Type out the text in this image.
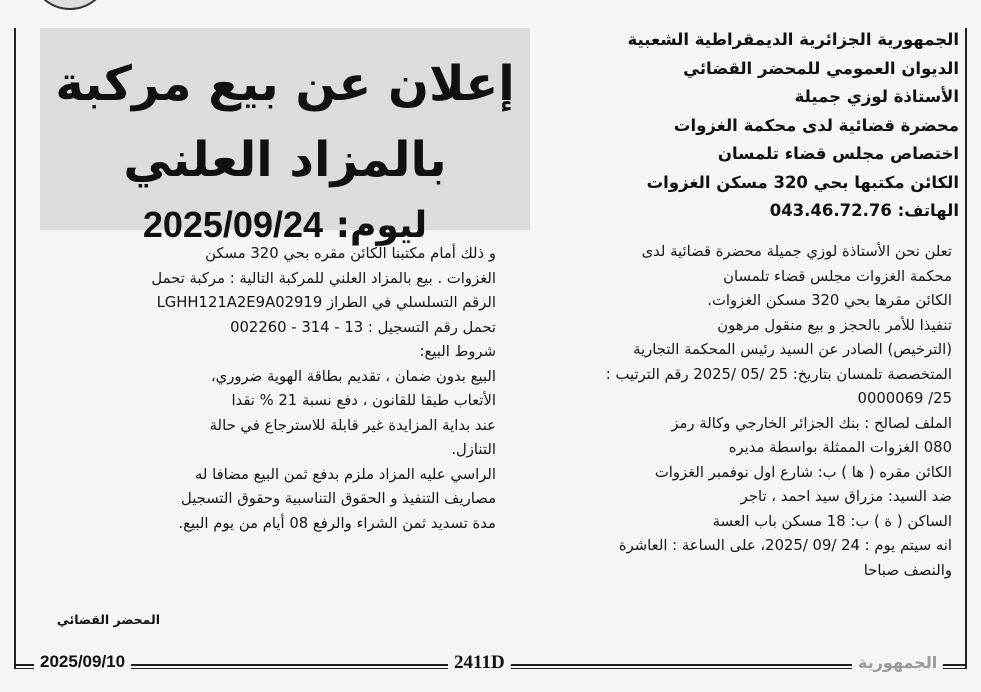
الجمهورية الجزائرية الديمقراطية الشعبية
الديوان العمومي للمحضر القضائي
الأستاذة لوزي جميلة
محضرة قضائية لدى محكمة الغزوات
اختصاص مجلس قضاء تلمسان
الكائن مكتبها بحي 320 مسكن الغزوات
الهاتف: 043.46.72.76
إعلان عن بيع مركبة
بالمزاد العلني
ليوم: 2025/09/24
تعلن نحن الأستاذة لوزي جميلة محضرة قضائية لدى
محكمة الغزوات مجلس قضاء تلمسان
الكائن مقرها بحي 320 مسكن الغزوات.
تنفيذا للأمر بالحجز و بيع منقول مرهون
(الترخيص) الصادر عن السيد رئيس المحكمة التجارية
المتخصصة تلمسان بتاريخ: 25 /05 /2025 رقم الترتيب :
25/ 0000069
الملف لصالح : بنك الجزائر الخارجي وكالة رمز
080 الغزوات الممثلة بواسطة مديره
الكائن مقره ( ها ) ب: شارع اول نوفمبر الغزوات
ضد السيد: مزراق سيد احمد ، تاجر
الساكن ( ة ) ب: 18 مسكن باب العسة
انه سيتم يوم : 24 /09 /2025، على الساعة : العاشرة
والنصف صباحا
و ذلك أمام مكتبنا الكائن مقره بحي 320 مسكن
الغزوات . بيع بالمزاد العلني للمركبة التالية : مركبة تحمل
الرقم التسلسلي في الطراز LGHH121A2E9A02919
تحمل رقم التسجيل : 13 - 314 - 002260
شروط البيع:
البيع بدون ضمان ، تقديم بطاقة الهوية ضروري،
الأتعاب طبقا للقانون ، دفع نسبة 21 % نقدا
عند بداية المزايدة غير قابلة للاسترجاع في حالة
التنازل.
الراسي عليه المزاد ملزم بدفع ثمن البيع مضافا له
مصاريف التنفيذ و الحقوق التناسبية وحقوق التسجيل
مدة تسديد ثمن الشراء والرفع 08 أيام من يوم البيع.
المحضر القضائي
2025/09/10	2411D	الجمهورية
